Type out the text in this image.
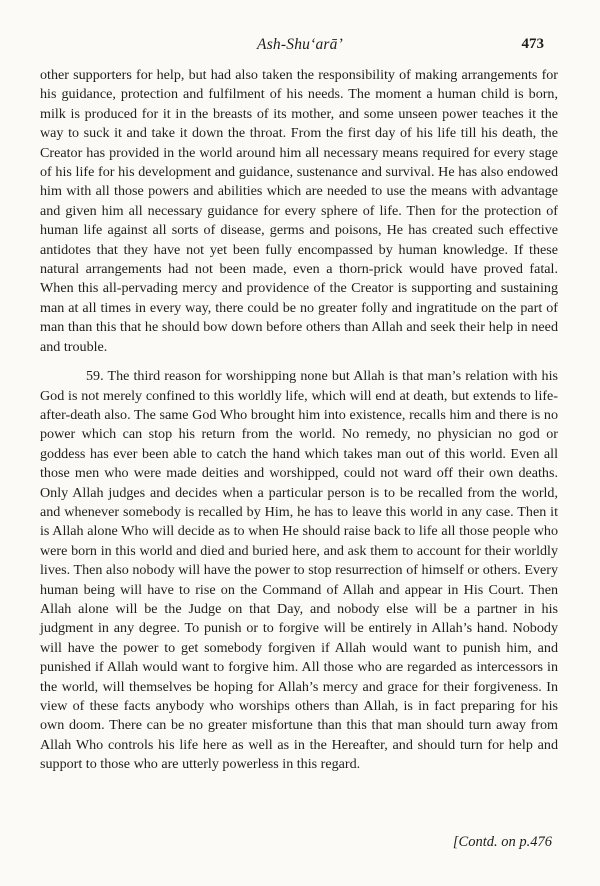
Ash-Shu‘arā’	473

other supporters for help, but had also taken the responsibility of making arrangements for his guidance, protection and fulfilment of his needs. The moment a human child is born, milk is produced for it in the breasts of its mother, and some unseen power teaches it the way to suck it and take it down the throat. From the first day of his life till his death, the Creator has provided in the world around him all necessary means required for every stage of his life for his development and guidance, sustenance and survival. He has also endowed him with all those powers and abilities which are needed to use the means with advantage and given him all necessary guidance for every sphere of life. Then for the protection of human life against all sorts of disease, germs and poisons, He has created such effective antidotes that they have not yet been fully encompassed by human knowledge. If these natural arrangements had not been made, even a thorn-prick would have proved fatal. When this all-pervading mercy and providence of the Creator is supporting and sustaining man at all times in every way, there could be no greater folly and ingratitude on the part of man than this that he should bow down before others than Allah and seek their help in need and trouble.

59. The third reason for worshipping none but Allah is that man’s relation with his God is not merely confined to this worldly life, which will end at death, but extends to life-after-death also. The same God Who brought him into existence, recalls him and there is no power which can stop his return from the world. No remedy, no physician no god or goddess has ever been able to catch the hand which takes man out of this world. Even all those men who were made deities and worshipped, could not ward off their own deaths. Only Allah judges and decides when a particular person is to be recalled from the world, and whenever somebody is recalled by Him, he has to leave this world in any case. Then it is Allah alone Who will decide as to when He should raise back to life all those people who were born in this world and died and buried here, and ask them to account for their worldly lives. Then also nobody will have the power to stop resurrection of himself or others. Every human being will have to rise on the Command of Allah and appear in His Court. Then Allah alone will be the Judge on that Day, and nobody else will be a partner in his judgment in any degree. To punish or to forgive will be entirely in Allah’s hand. Nobody will have the power to get somebody forgiven if Allah would want to punish him, and punished if Allah would want to forgive him. All those who are regarded as intercessors in the world, will themselves be hoping for Allah’s mercy and grace for their forgiveness. In view of these facts anybody who worships others than Allah, is in fact preparing for his own doom. There can be no greater misfortune than this that man should turn away from Allah Who controls his life here as well as in the Hereafter, and should turn for help and support to those who are utterly powerless in this regard.

[Contd. on p.476
